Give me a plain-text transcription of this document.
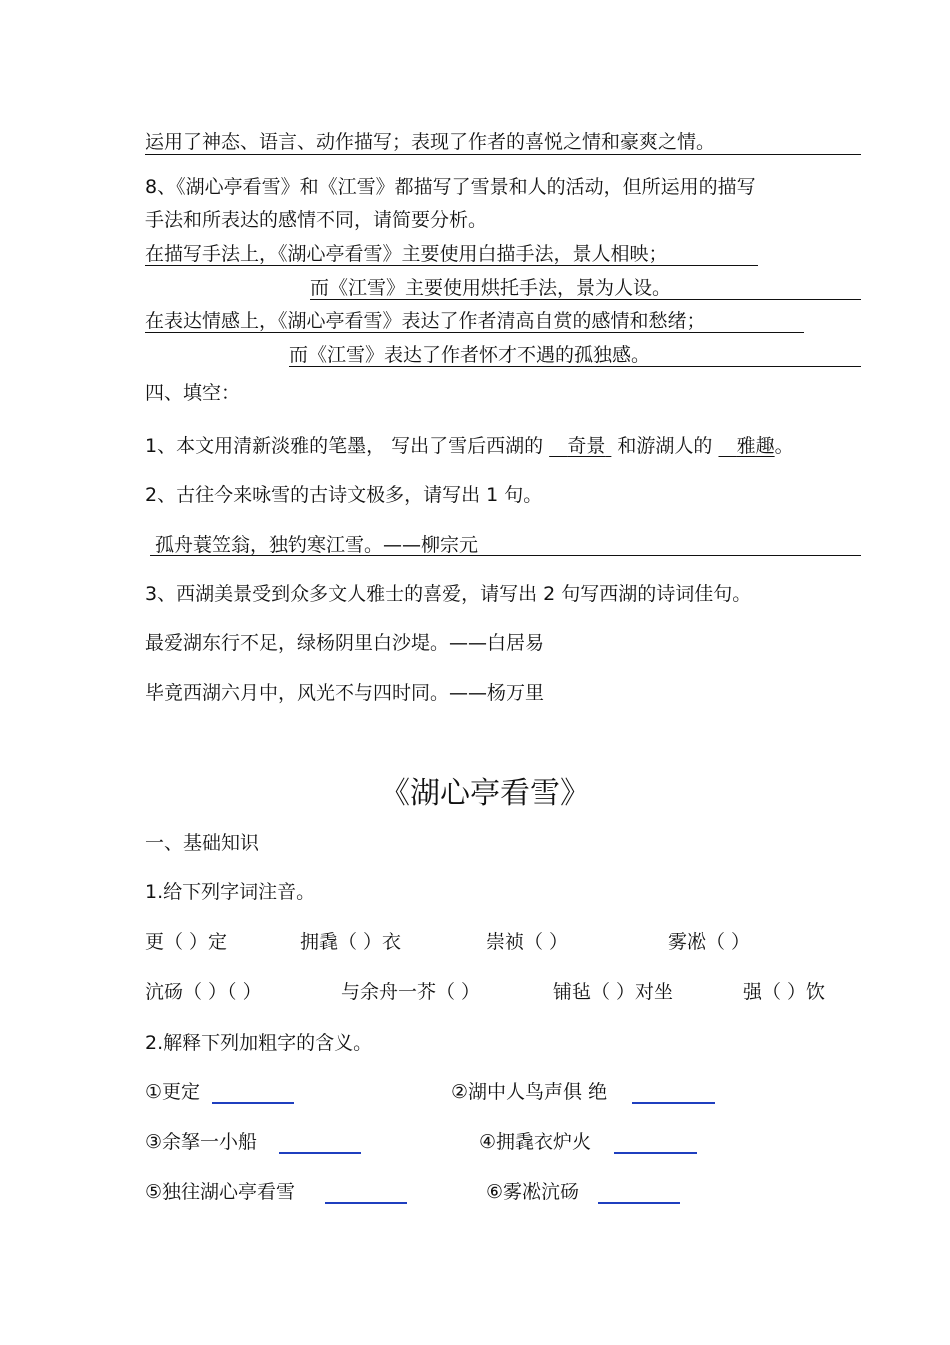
运用了神态、语言、动作描写；表现了作者的喜悦之情和豪爽之情。
8、《湖心亭看雪》和《江雪》都描写了雪景和人的活动，但所运用的描写
手法和所表达的感情不同，请简要分析。
在描写手法上，《湖心亭看雪》主要使用白描手法，景人相映；
而《江雪》主要使用烘托手法，景为人设。
在表达情感上，《湖心亭看雪》表达了作者清高自赏的感情和愁绪；
而《江雪》表达了作者怀才不遇的孤独感。
四、填空：
1、本文用清新淡雅的笔墨， 写出了雪后西湖的 奇景 和游湖人的 雅趣。
2、古往今来咏雪的古诗文极多，请写出 1 句。
孤舟蓑笠翁，独钓寒江雪。——柳宗元
3、西湖美景受到众多文人雅士的喜爱，请写出 2 句写西湖的诗词佳句。
最爱湖东行不足，绿杨阴里白沙堤。——白居易
毕竟西湖六月中，风光不与四时同。——杨万里
《湖心亭看雪》
一、基础知识
1.给下列字词注音。
更（ ）定	拥毳（ ）衣	崇祯（ ）	雾凇（ ）
沆砀（ ）（ ）	与余舟一芥（ ）	铺毡（ ）对坐	强（ ）饮
2.解释下列加粗字的含义。
①更定	②湖中人鸟声俱 绝
③余拏一小船	④拥毳衣炉火
⑤独往湖心亭看雪	⑥雾凇沆砀
